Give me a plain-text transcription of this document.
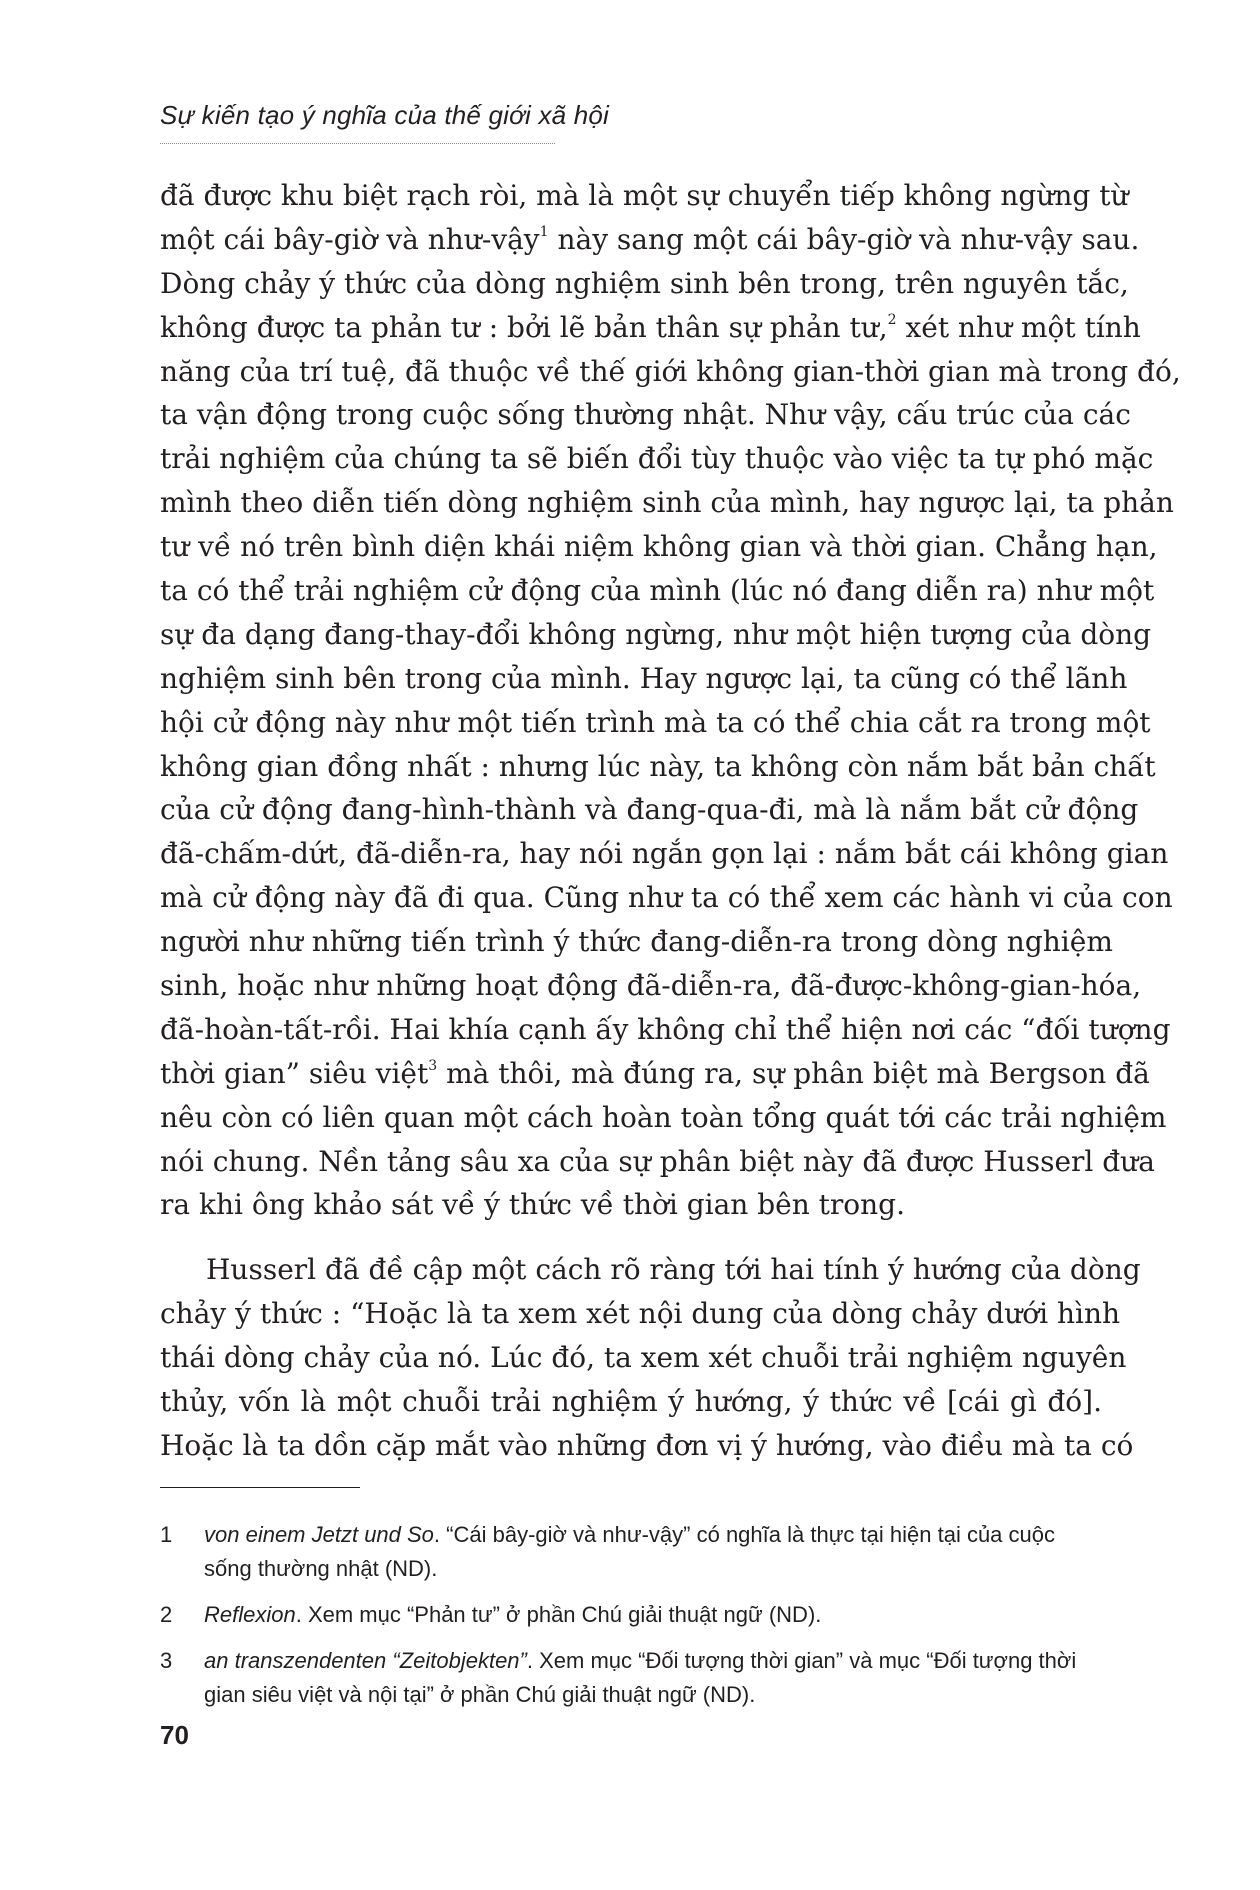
Sự kiến tạo ý nghĩa của thế giới xã hội
đã được khu biệt rạch ròi, mà là một sự chuyển tiếp không ngừng từ
một cái bây-giờ và như-vậy$^1$ này sang một cái bây-giờ và như-vậy sau.
Dòng chảy ý thức của dòng nghiệm sinh bên trong, trên nguyên tắc,
không được ta phản tư : bởi lẽ bản thân sự phản tư,$^2$ xét như một tính
năng của trí tuệ, đã thuộc về thế giới không gian-thời gian mà trong đó,
ta vận động trong cuộc sống thường nhật. Như vậy, cấu trúc của các
trải nghiệm của chúng ta sẽ biến đổi tùy thuộc vào việc ta tự phó mặc
mình theo diễn tiến dòng nghiệm sinh của mình, hay ngược lại, ta phản
tư về nó trên bình diện khái niệm không gian và thời gian. Chẳng hạn,
ta có thể trải nghiệm cử động của mình (lúc nó đang diễn ra) như một
sự đa dạng đang-thay-đổi không ngừng, như một hiện tượng của dòng
nghiệm sinh bên trong của mình. Hay ngược lại, ta cũng có thể lãnh
hội cử động này như một tiến trình mà ta có thể chia cắt ra trong một
không gian đồng nhất : nhưng lúc này, ta không còn nắm bắt bản chất
của cử động đang-hình-thành và đang-qua-đi, mà là nắm bắt cử động
đã-chấm-dứt, đã-diễn-ra, hay nói ngắn gọn lại : nắm bắt cái không gian
mà cử động này đã đi qua. Cũng như ta có thể xem các hành vi của con
người như những tiến trình ý thức đang-diễn-ra trong dòng nghiệm
sinh, hoặc như những hoạt động đã-diễn-ra, đã-được-không-gian-hóa,
đã-hoàn-tất-rồi. Hai khía cạnh ấy không chỉ thể hiện nơi các “đối tượng
thời gian” siêu việt$^3$ mà thôi, mà đúng ra, sự phân biệt mà Bergson đã
nêu còn có liên quan một cách hoàn toàn tổng quát tới các trải nghiệm
nói chung. Nền tảng sâu xa của sự phân biệt này đã được Husserl đưa
ra khi ông khảo sát về ý thức về thời gian bên trong.
Husserl đã đề cập một cách rõ ràng tới hai tính ý hướng của dòng
chảy ý thức : “Hoặc là ta xem xét nội dung của dòng chảy dưới hình
thái dòng chảy của nó. Lúc đó, ta xem xét chuỗi trải nghiệm nguyên
thủy, vốn là một chuỗi trải nghiệm ý hướng, ý thức về [cái gì đó].
Hoặc là ta dồn cặp mắt vào những đơn vị ý hướng, vào điều mà ta có
1	von einem Jetzt und So. “Cái bây-giờ và như-vậy” có nghĩa là thực tại hiện tại của cuộc sống thường nhật (ND).
2	Reflexion. Xem mục “Phản tư” ở phần Chú giải thuật ngữ (ND).
3	an transzendenten “Zeitobjekten”. Xem mục “Đối tượng thời gian” và mục “Đối tượng thời gian siêu việt và nội tại” ở phần Chú giải thuật ngữ (ND).
70
